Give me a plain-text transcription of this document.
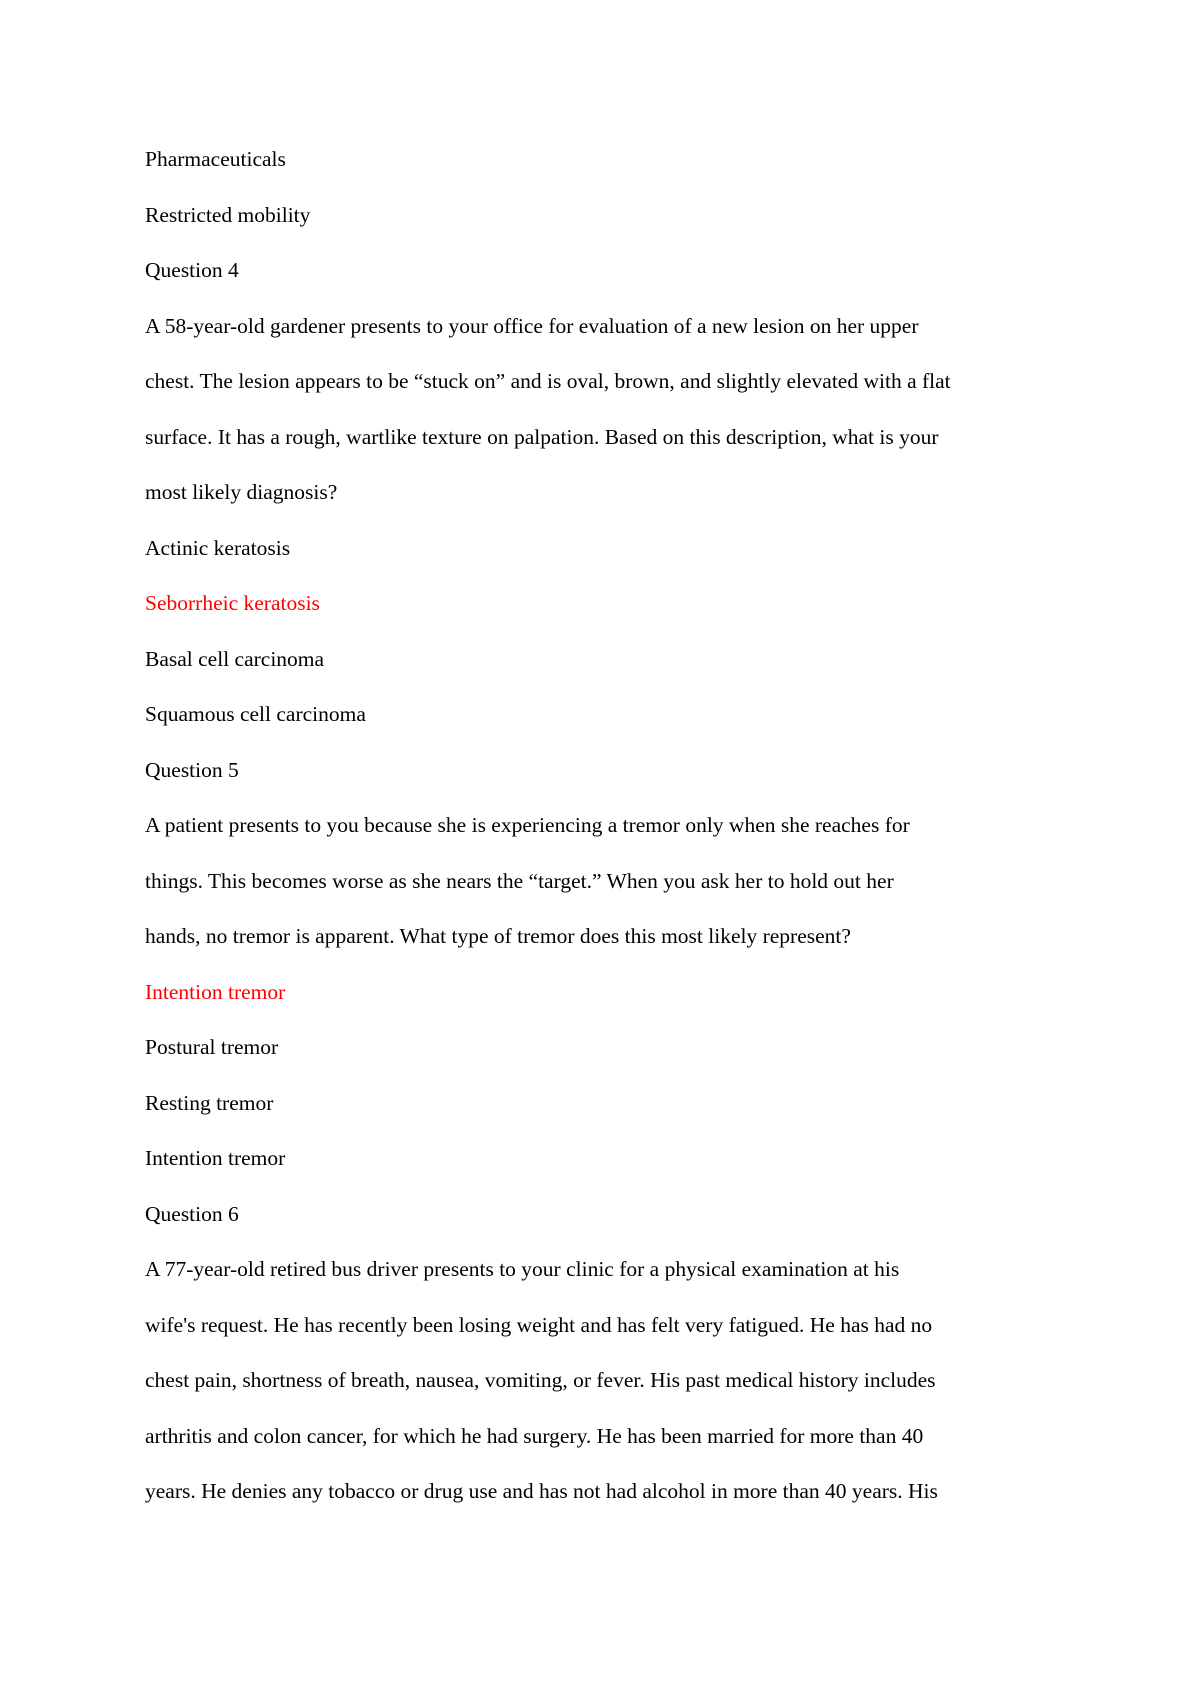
Pharmaceuticals
Restricted mobility
Question 4
A 58-year-old gardener presents to your office for evaluation of a new lesion on her upper
chest. The lesion appears to be “stuck on” and is oval, brown, and slightly elevated with a flat
surface. It has a rough, wartlike texture on palpation. Based on this description, what is your
most likely diagnosis?
Actinic keratosis
Seborrheic keratosis
Basal cell carcinoma
Squamous cell carcinoma
Question 5
A patient presents to you because she is experiencing a tremor only when she reaches for
things. This becomes worse as she nears the “target.” When you ask her to hold out her
hands, no tremor is apparent. What type of tremor does this most likely represent?
Intention tremor
Postural tremor
Resting tremor
Intention tremor
Question 6
A 77-year-old retired bus driver presents to your clinic for a physical examination at his
wife's request. He has recently been losing weight and has felt very fatigued. He has had no
chest pain, shortness of breath, nausea, vomiting, or fever. His past medical history includes
arthritis and colon cancer, for which he had surgery. He has been married for more than 40
years. He denies any tobacco or drug use and has not had alcohol in more than 40 years. His
